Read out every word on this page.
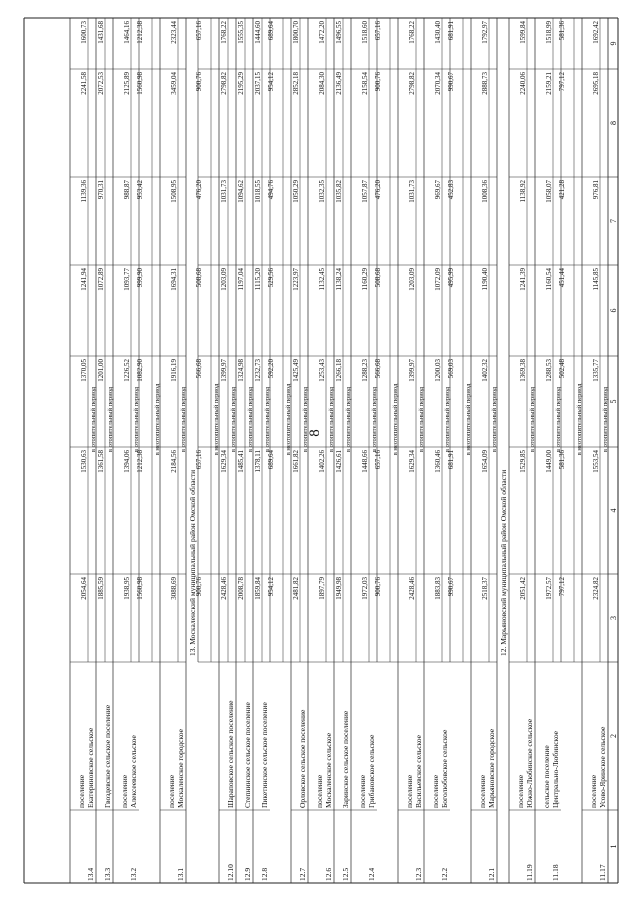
8
1
2
3
4
5
6
7
8
9
в отопительный период
11.17
Усово-Яринское сельское
поселение
2324,82
1553,54
1335,77
1145,85
976,81
2695,18
1692,42
в неотопительный период
797,12
581,36
502,48
451,44
421,28
797,12
581,36
в отопительный период
11.18
Центрально-Любинское
сельское поселение
1972,57
1449,00
1288,53
1160,54
1058,07
2159,21
1518,99
в отопительный период
11.19
Южно-Любинское сельское
поселение
2051,42
1529,85
1369,38
1241,39
1138,92
2240,06
1599,84
12. Марьяновский муниципальный район Омской области
в отопительный период
12.1
Марьяновское городское
поселение
2518,37
1654,09
1402,32
1190,40
1008,36
2888,73
1792,97
в неотопительный период
990,67
681,91
569,03
495,99
452,83
990,67
681,91
в отопительный период
12.2
Боголюбовское сельское
поселение
1883,83
1360,46
1200,03
1072,09
969,67
2070,34
1430,40
в отопительный период
12.3
Васильевское сельское
поселение
2428,46
1629,34
1399,97
1203,09
1031,73
2798,82
1768,22
в неотопительный период
900,76
657,16
566,68
508,68
476,20
900,76
657,16
в отопительный период
12.4
Грибановское сельское
поселение
1972,03
1448,66
1288,23
1160,29
1057,87
2158,54
1518,60
в отопительный период
12.5
Заринское сельское поселение
1949,98
1426,61
1266,18
1138,24
1035,82
2136,49
1496,55
в отопительный период
12.6
Москаленское сельское
поселение
1897,79
1402,26
1253,43
1132,45
1032,35
2084,30
1472,20
в отопительный период
12.7
Орловское сельское поселение
2481,82
1661,82
1425,49
1223,97
1050,29
2852,18
1800,70
в неотопительный период
954,12
689,64
592,20
529,56
494,76
954,12
689,64
в отопительный период
12.8
Пикетинское сельское поселение
1859,84
1378,11
1232,73
1115,20
1018,55
2037,15
1444,60
в отопительный период
12.9
Степнинское сельское поселение
2008,78
1485,41
1324,98
1197,04
1094,62
2195,29
1555,35
в отопительный период
12.10
Шараповское сельское поселение
2428,46
1629,34
1399,97
1203,09
1031,73
2798,82
1768,22
в неотопительный период
900,76
657,16
566,68
508,68
476,20
900,76
657,16
13. Москаленский муниципальный район Омской области
в отопительный период
13.1
Москаленское городское
поселение
3088,69
2184,56
1916,19
1694,31
1508,95
3459,04
2323,44
в неотопительный период
1560,98
1212,38
1082,90
999,90
953,42
1560,98
1212,38
в отопительный период
13.2
Алексеевское сельское
поселение
1938,95
1394,06
1226,52
1093,77
988,87
2125,89
1464,16
в отопительный период
13.3
Гвоздевское сельское поселение
1885,59
1361,58
1201,00
1072,89
970,31
2072,53
1431,68
в отопительный период
13.4
Екатериновское сельское
поселение
2054,64
1530,63
1370,05
1241,94
1139,36
2241,58
1600,73
